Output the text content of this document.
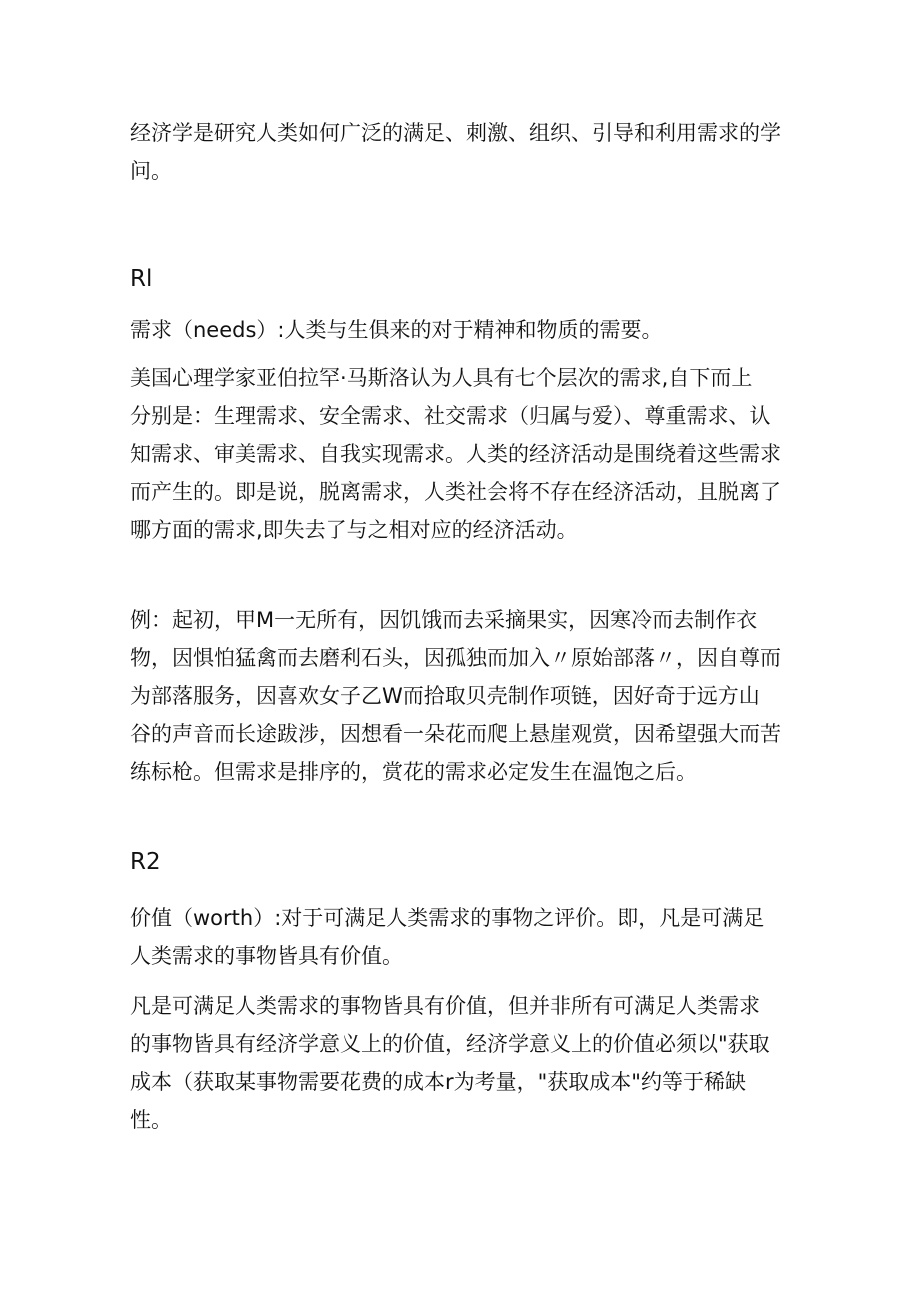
经济学是研究人类如何广泛的满足、刺激、组织、引导和利用需求的学
问。

Rl

需求（needs）:人类与生俱来的对于精神和物质的需要。

美国心理学家亚伯拉罕·马斯洛认为人具有七个层次的需求,自下而上
分别是：生理需求、安全需求、社交需求（归属与爱）、尊重需求、认
知需求、审美需求、自我实现需求。人类的经济活动是围绕着这些需求
而产生的。即是说，脱离需求，人类社会将不存在经济活动，且脱离了
哪方面的需求,即失去了与之相对应的经济活动。

例：起初，甲M一无所有，因饥饿而去采摘果实，因寒冷而去制作衣
物，因惧怕猛禽而去磨利石头，因孤独而加入〃原始部落〃，因自尊而
为部落服务，因喜欢女子乙W而拾取贝壳制作项链，因好奇于远方山
谷的声音而长途跋涉，因想看一朵花而爬上悬崖观赏，因希望强大而苦
练标枪。但需求是排序的，赏花的需求必定发生在温饱之后。

R2

价值（worth）:对于可满足人类需求的事物之评价。即，凡是可满足
人类需求的事物皆具有价值。

凡是可满足人类需求的事物皆具有价值，但并非所有可满足人类需求
的事物皆具有经济学意义上的价值，经济学意义上的价值必须以"获取
成本（获取某事物需要花费的成本r为考量，"获取成本"约等于稀缺
性。
